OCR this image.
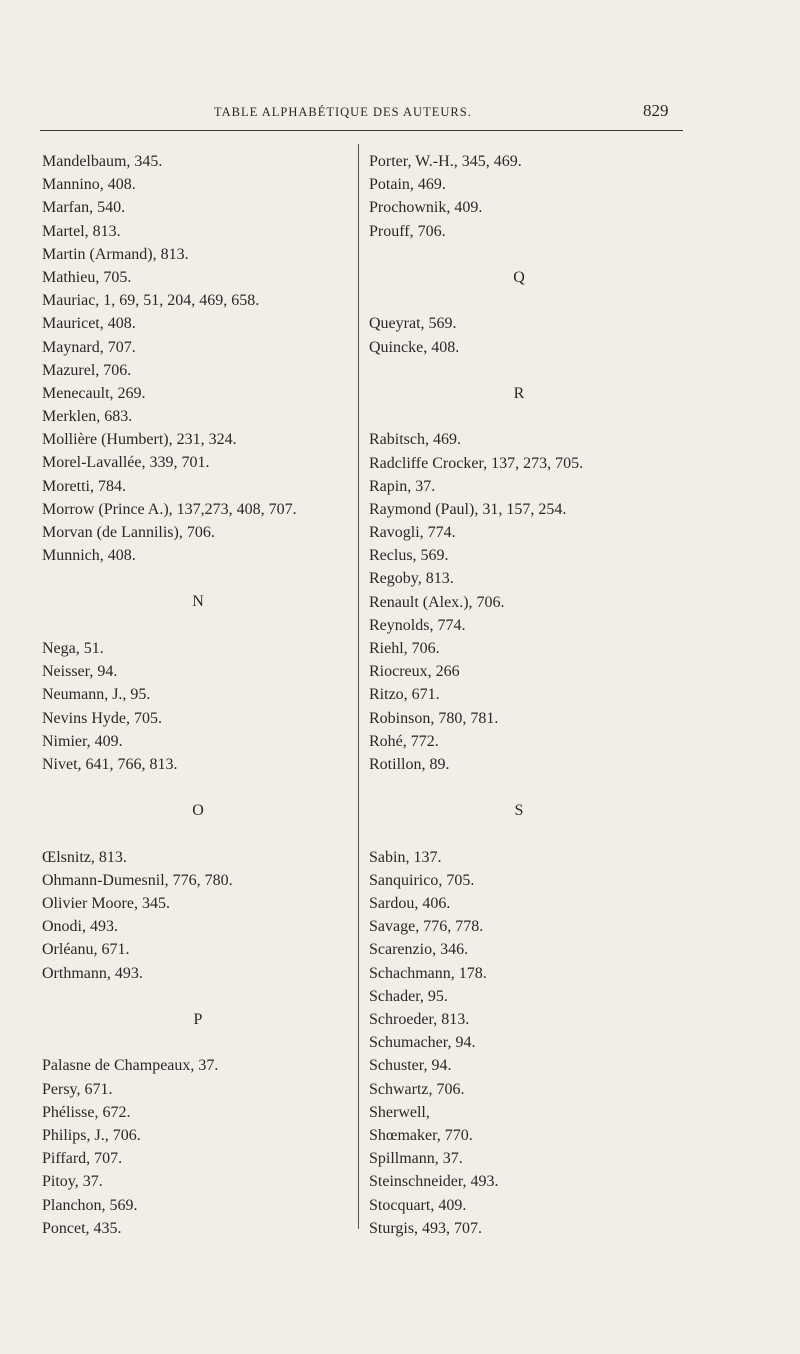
TABLE ALPHABÉTIQUE DES AUTEURS.	829
Mandelbaum, 345.
Mannino, 408.
Marfan, 540.
Martel, 813.
Martin (Armand), 813.
Mathieu, 705.
Mauriac, 1, 69, 51, 204, 469, 658.
Mauricet, 408.
Maynard, 707.
Mazurel, 706.
Menecault, 269.
Merklen, 683.
Mollière (Humbert), 231, 324.
Morel-Lavallée, 339, 701.
Moretti, 784.
Morrow (Prince A.), 137,273, 408, 707.
Morvan (de Lannilis), 706.
Munnich, 408.
N
Nega, 51.
Neisser, 94.
Neumann, J., 95.
Nevins Hyde, 705.
Nimier, 409.
Nivet, 641, 766, 813.
O
Œlsnitz, 813.
Ohmann-Dumesnil, 776, 780.
Olivier Moore, 345.
Onodi, 493.
Orléanu, 671.
Orthmann, 493.
P
Palasne de Champeaux, 37.
Persy, 671.
Phélisse, 672.
Philips, J., 706.
Piffard, 707.
Pitoy, 37.
Planchon, 569.
Poncet, 435.
Porter, W.-H., 345, 469.
Potain, 469.
Prochownik, 409.
Prouff, 706.
Q
Queyrat, 569.
Quincke, 408.
R
Rabitsch, 469.
Radcliffe Crocker, 137, 273, 705.
Rapin, 37.
Raymond (Paul), 31, 157, 254.
Ravogli, 774.
Reclus, 569.
Regoby, 813.
Renault (Alex.), 706.
Reynolds, 774.
Riehl, 706.
Riocreux, 266
Ritzo, 671.
Robinson, 780, 781.
Rohé, 772.
Rotillon, 89.
S
Sabin, 137.
Sanquirico, 705.
Sardou, 406.
Savage, 776, 778.
Scarenzio, 346.
Schachmann, 178.
Schader, 95.
Schroeder, 813.
Schumacher, 94.
Schuster, 94.
Schwartz, 706.
Sherwell,
Shœmaker, 770.
Spillmann, 37.
Steinschneider, 493.
Stocquart, 409.
Sturgis, 493, 707.
